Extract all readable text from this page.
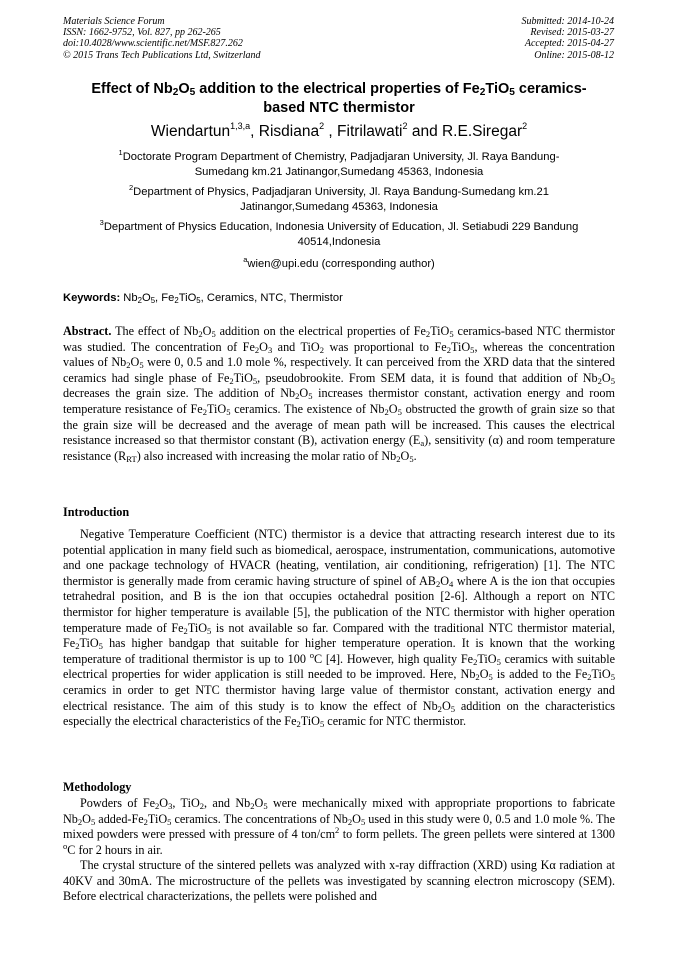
Materials Science Forum
ISSN: 1662-9752, Vol. 827, pp 262-265
doi:10.4028/www.scientific.net/MSF.827.262
© 2015 Trans Tech Publications Ltd, Switzerland
Submitted: 2014-10-24
Revised: 2015-03-27
Accepted: 2015-04-27
Online: 2015-08-12
Effect of $Nb_2O_5$ addition to the electrical properties of $Fe_2TiO_5$ ceramics-
based NTC thermistor
Wiendartun$^{1,3,a}$, Risdiana$^2$ , Fitrilawati$^2$ and R.E.Siregar$^2$
$^1$Doctorate Program Department of Chemistry, Padjadjaran University, Jl. Raya Bandung-
Sumedang km.21 Jatinangor,Sumedang 45363, Indonesia
$^2$Department of Physics, Padjadjaran University, Jl. Raya Bandung-Sumedang km.21
Jatinangor,Sumedang 45363, Indonesia
$^3$Department of Physics Education, Indonesia University of Education, Jl. Setiabudi 229 Bandung
40514,Indonesia
$^a$wien@upi.edu (corresponding author)
Keywords: $Nb_2O_5$, $Fe_2TiO_5$, Ceramics, NTC, Thermistor
Abstract. The effect of $Nb_2O_5$ addition on the electrical properties of $Fe_2TiO_5$ ceramics-based NTC thermistor was studied. The concentration of $Fe_2O_3$ and TiO$_2$ was proportional to $Fe_2TiO_5$, whereas the concentration values of $Nb_2O_5$ were 0, 0.5 and 1.0 mole %, respectively. It can perceived from the XRD data that the sintered ceramics had single phase of $Fe_2TiO_5$, pseudobrookite. From SEM data, it is found that addition of $Nb_2O_5$ decreases the grain size. The addition of $Nb_2O_5$ increases thermistor constant, activation energy and room temperature resistance of $Fe_2TiO_5$ ceramics. The existence of $Nb_2O_5$ obstructed the growth of grain size so that the grain size will be decreased and the average of mean path will be increased. This causes the electrical resistance increased so that thermistor constant (B), activation energy $(E_a)$, sensitivity (α) and room temperature resistance $(R_{RT})$ also increased with increasing the molar ratio of $Nb_2O_5$.
Introduction
Negative Temperature Coefficient (NTC) thermistor is a device that attracting research interest due to its potential application in many field such as biomedical, aerospace, instrumentation, communications, automotive and one package technology of HVACR (heating, ventilation, air conditioning, refrigeration) [1]. The NTC thermistor is generally made from ceramic having structure of spinel of $AB_2O_4$ where A is the ion that occupies tetrahedral position, and B is the ion that occupies octahedral position [2-6]. Although a report on NTC thermistor for higher temperature is available [5], the publication of the NTC thermistor with higher operation temperature made of $Fe_2TiO_5$ is not available so far. Compared with the traditional NTC thermistor material, $Fe_2TiO_5$ has higher bandgap that suitable for higher temperature operation. It is known that the working temperature of traditional thermistor is up to 100 $^o$C [4]. However, high quality $Fe_2TiO_5$ ceramics with suitable electrical properties for wider application is still needed to be improved. Here, $Nb_2O_5$ is added to the $Fe_2TiO_5$ ceramics in order to get NTC thermistor having large value of thermistor constant, activation energy and electrical resistance. The aim of this study is to know the effect of $Nb_2O_5$ addition on the characteristics especially the electrical characteristics of the $Fe_2TiO_5$ ceramic for NTC thermistor.
Methodology
Powders of $Fe_2O_3$, TiO$_2$, and $Nb_2O_5$ were mechanically mixed with appropriate proportions to fabricate $Nb_2O_5$ added-$Fe_2TiO_5$ ceramics. The concentrations of $Nb_2O_5$ used in this study were 0, 0.5 and 1.0 mole %. The mixed powders were pressed with pressure of 4 ton/$cm^2$ to form pellets. The green pellets were sintered at 1300 $^o$C for 2 hours in air.
The crystal structure of the sintered pellets was analyzed with x-ray diffraction (XRD) using Kα radiation at 40KV and 30mA. The microstructure of the pellets was investigated by scanning electron microscopy (SEM). Before electrical characterizations, the pellets were polished and
